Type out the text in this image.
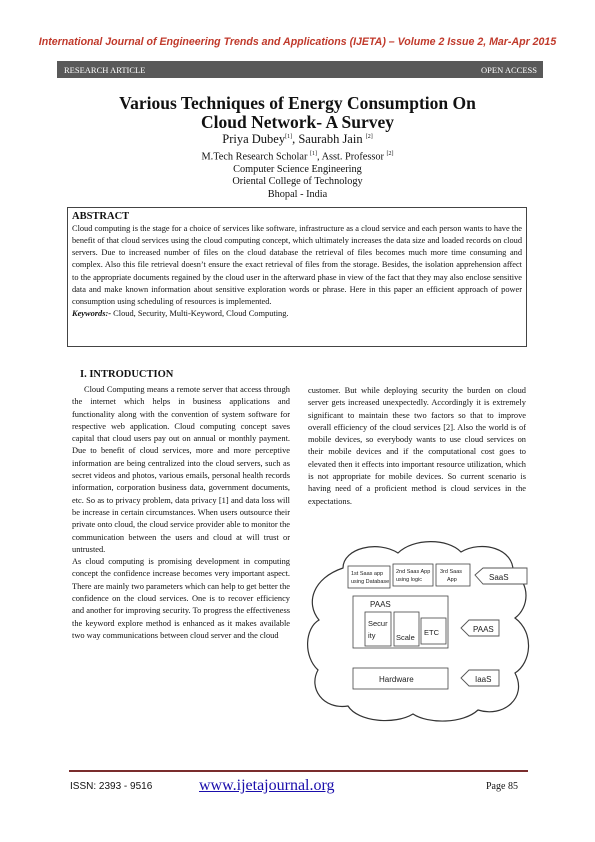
International Journal of Engineering Trends and Applications (IJETA) – Volume 2 Issue 2, Mar-Apr 2015
RESEARCH ARTICLE	OPEN ACCESS
Various Techniques of Energy Consumption On
Cloud Network- A Survey
Priya Dubey[1], Saurabh Jain [2]
M.Tech Research Scholar [1], Asst. Professor [2]
Computer Science Engineering
Oriental College of Technology
Bhopal - India
ABSTRACT

Cloud computing is the stage for a choice of services like software, infrastructure as a cloud service and each person wants to have the benefit of that cloud services using the cloud computing concept, which ultimately increases the data size and loaded records on cloud servers. Due to increased number of files on the cloud database the retrieval of files becomes much more time consuming and complex. Also this file retrieval doesn’t ensure the exact retrieval of files from the storage. Besides, the isolation apprehension affect to the appropriate documents regained by the cloud user in the afterward phase in view of the fact that they may also enclose sensitive data and make known information about sensitive exploration words or phrase. Here in this paper an efficient approach of power consumption using scheduling of resources is implemented.

Keywords:- Cloud, Security, Multi-Keyword, Cloud Computing.
I. INTRODUCTION

Cloud Computing means a remote server that access through the internet which helps in business applications and functionality along with the convention of system software for respective web application. Cloud computing concept saves capital that cloud users pay out on annual or monthly payment. Due to benefit of cloud services, more and more perceptive information are being centralized into the cloud servers, such as secret videos and photos, various emails, personal health records information, corporation business data, government documents, etc. So as to privacy problem, data privacy [1] and data loss will be increase in certain circumstances. When users outsource their private onto cloud, the cloud service provider able to monitor the communication between the users and cloud at will trust or untrusted.

As cloud computing is promising development in computing concept the confidence increase becomes very important aspect. There are mainly two parameters which can help to get better the confidence on the cloud services. One is to recover efficiency and another for improving security. To progress the effectiveness the keyword explore method is enhanced as it makes available two way communications between cloud server and the cloud

customer. But while deploying security the burden on cloud server gets increased unexpectedly. Accordingly it is extremely significant to maintain these two factors so that to improve overall efficiency of the cloud services [2]. Also the world is of mobile devices, so everybody wants to use cloud services on their mobile devices and if the computational cost goes to elevated then it effects into important resource utilization, which is not appropriate for mobile devices. So current scenario is having need of a proficient method is cloud services in the expectations.

1st Saas app
using Database
2nd Saas App
using logic
3rd Saas
App	SaaS
PAAS
Secur
ity	Scale
ETC	PAAS
Hardware	IaaS
ISSN: 2393 - 9516	www.ijetajournal.org	Page 85
